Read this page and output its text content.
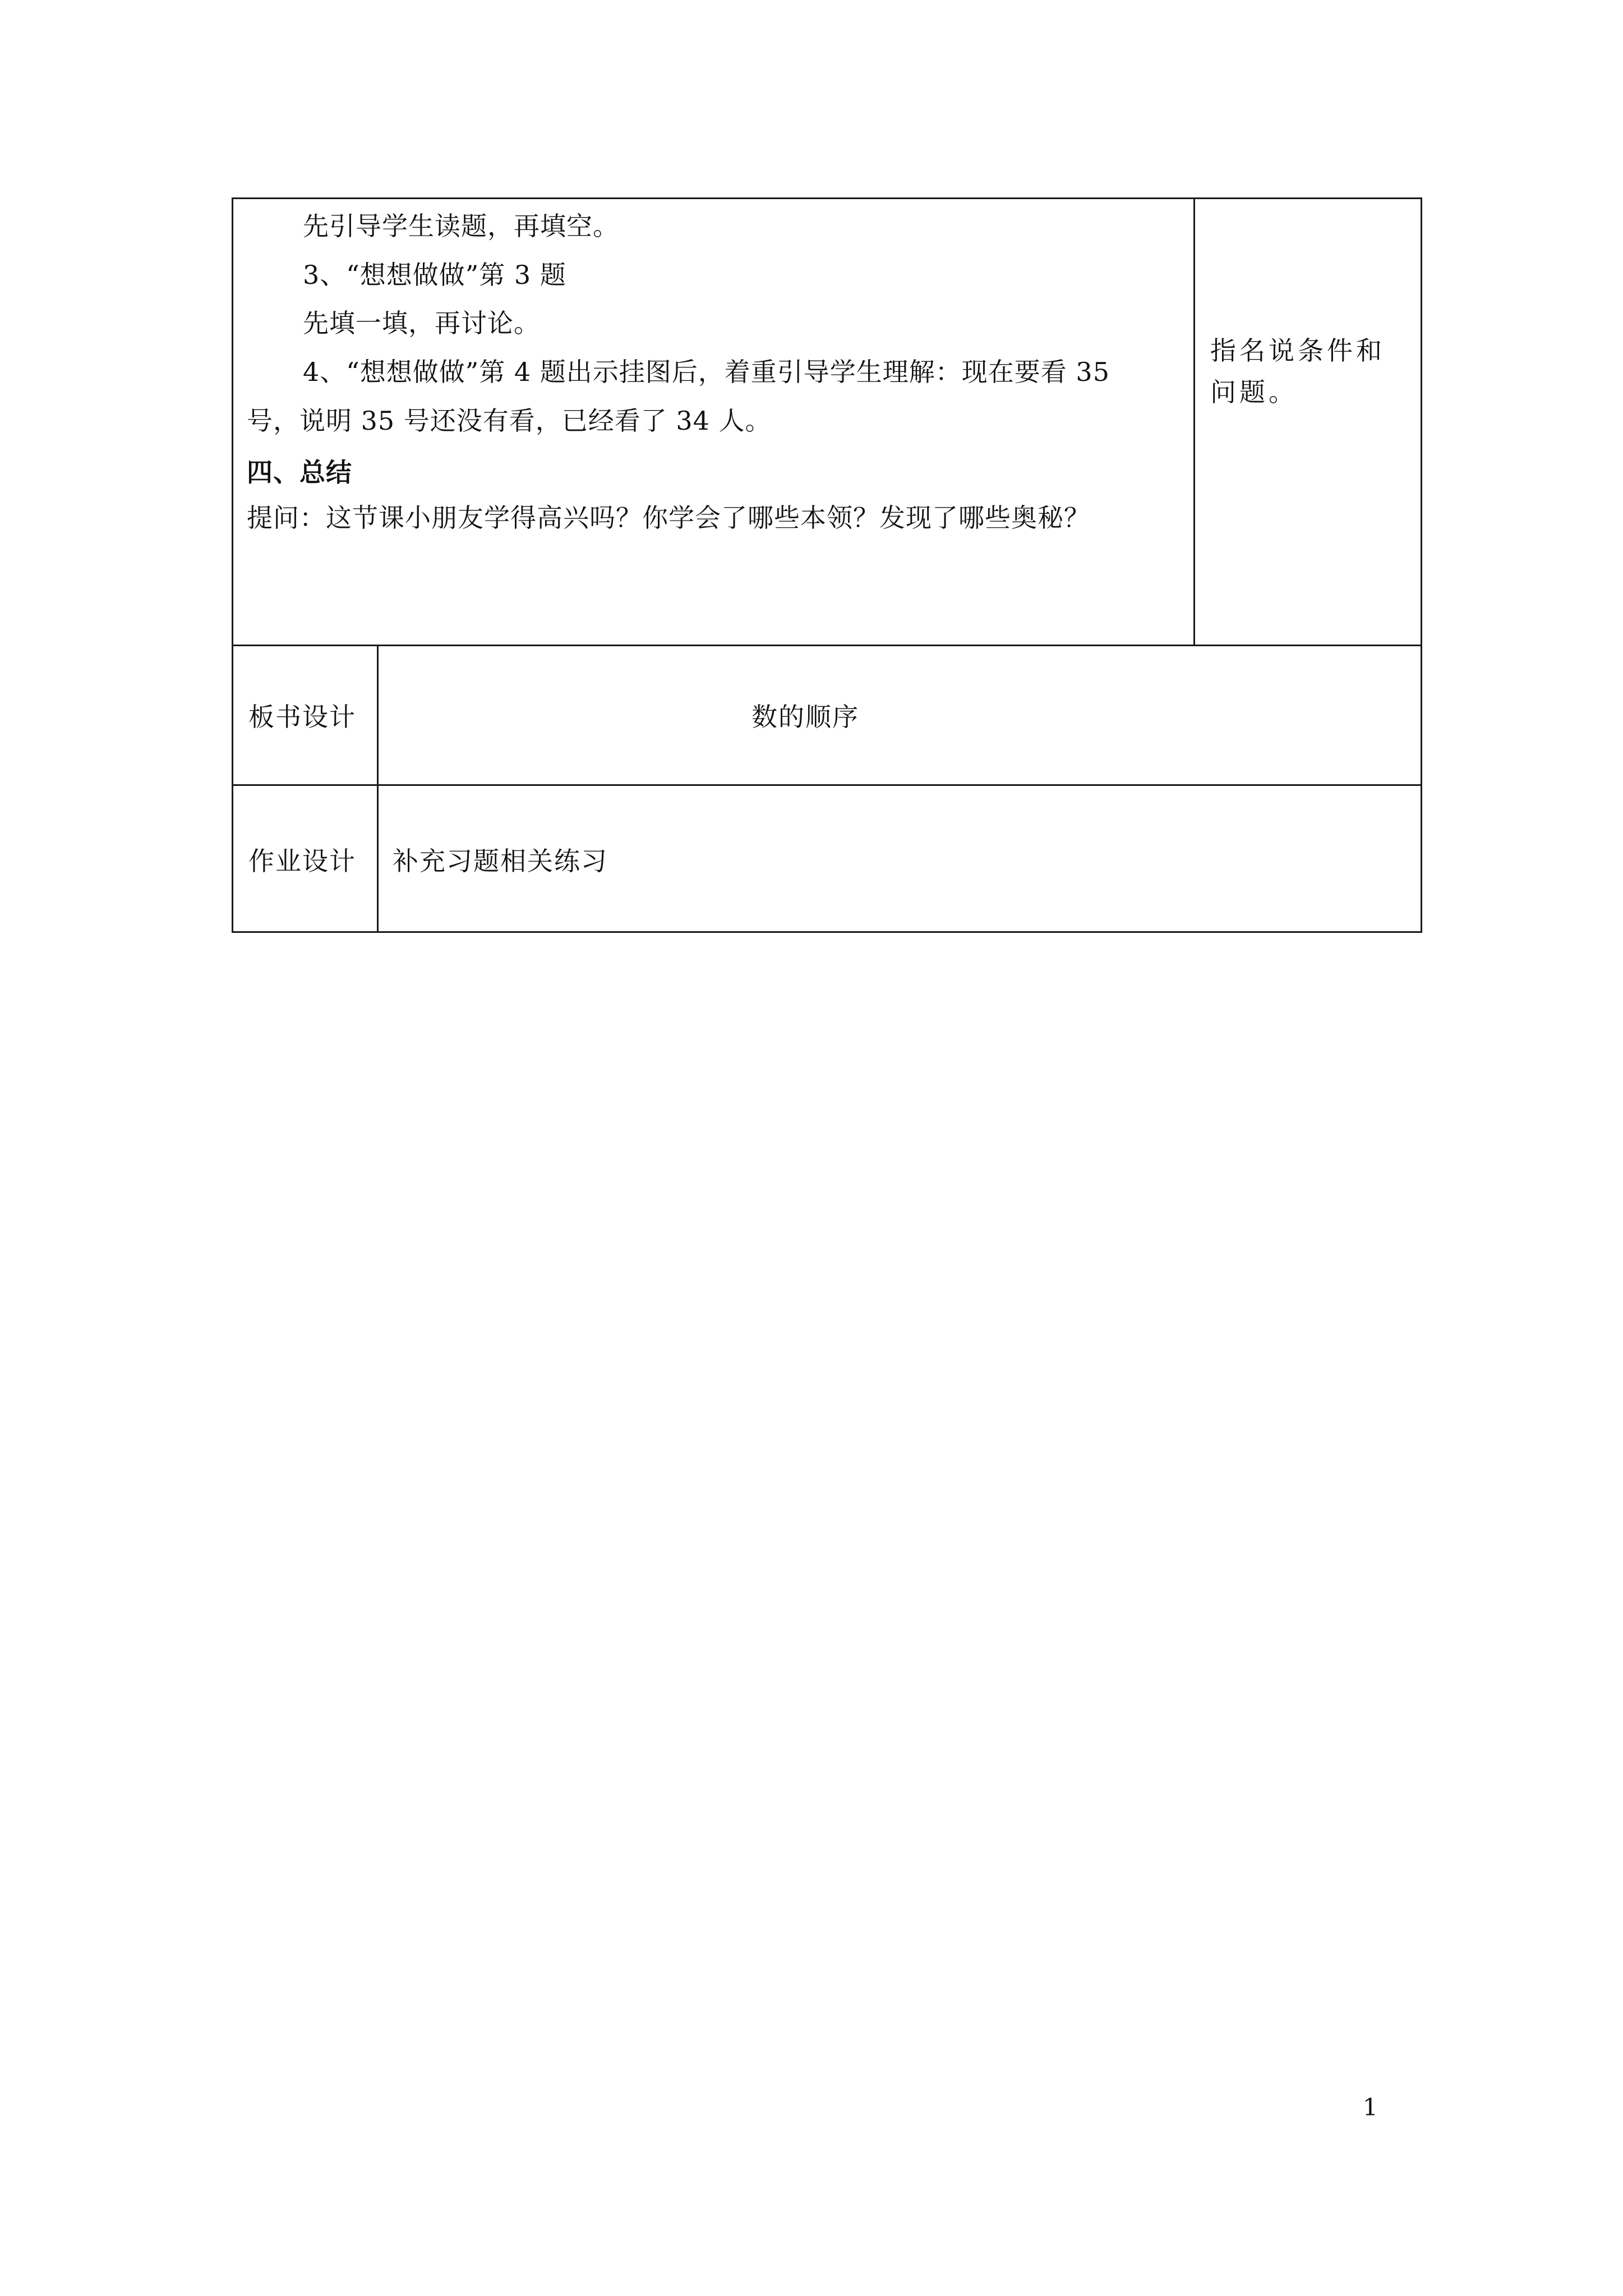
先引导学生读题，再填空。
3、“想想做做”第 3 题
先填一填，再讨论。
4、“想想做做”第 4 题出示挂图后，着重引导学生理解：现在要看 35
号，说明 35 号还没有看，已经看了 34 人。
四、总结
提问：这节课小朋友学得高兴吗？你学会了哪些本领？发现了哪些奥秘？
指名说条件和
问题。
板书设计	数的顺序
作业设计 补充习题相关练习
1
